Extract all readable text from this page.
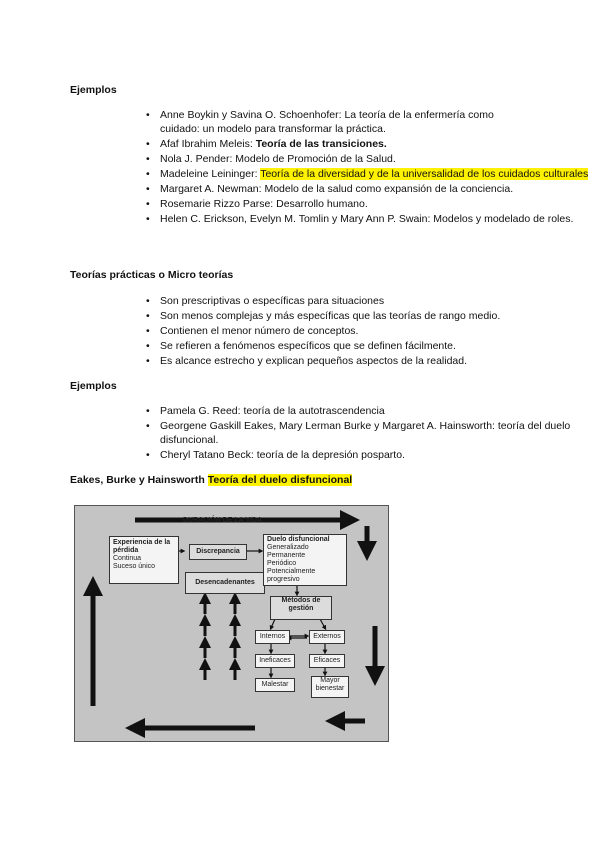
Ejemplos
• Anne Boykin y Savina O. Schoenhofer: La teoría de la enfermería como
cuidado: un modelo para transformar la práctica.
• Afaf Ibrahim Meleis: Teoría de las transiciones.
• Nola J. Pender: Modelo de Promoción de la Salud.
• Madeleine Leininger: Teoría de la diversidad y de la universalidad de los cuidados culturales
• Margaret A. Newman: Modelo de la salud como expansión de la conciencia.
• Rosemarie Rizzo Parse: Desarrollo humano.
• Helen C. Erickson, Evelyn M. Tomlin y Mary Ann P. Swain: Modelos y modelado de roles.
Teorías prácticas o Micro teorías
• Son prescriptivas o específicas para situaciones
• Son menos complejas y más específicas que las teorías de rango medio.
• Contienen el menor número de conceptos.
• Se refieren a fenómenos específicos que se definen fácilmente.
• Es alcance estrecho y explican pequeños aspectos de la realidad.
Ejemplos
• Pamela G. Reed: teoría de la autotrascendencia
• Georgene Gaskill Eakes, Mary Lerman Burke y Margaret A. Hainsworth: teoría del duelo disfuncional.
• Cheryl Tatano Beck: teoría de la depresión posparto.
Eakes, Burke y Hainsworth Teoría del duelo disfuncional
DURACIÓN DE LA VIDA
Experiencia de la pérdida
Continua
Suceso único
Discrepancia
Desencadenantes
Duelo disfuncional
Generalizado
Permanente
Periódico
Potencialmente
progresivo
Métodos de gestión
Internos	Externos
Ineficaces	Eficaces
Malestar
Mayor bienestar
